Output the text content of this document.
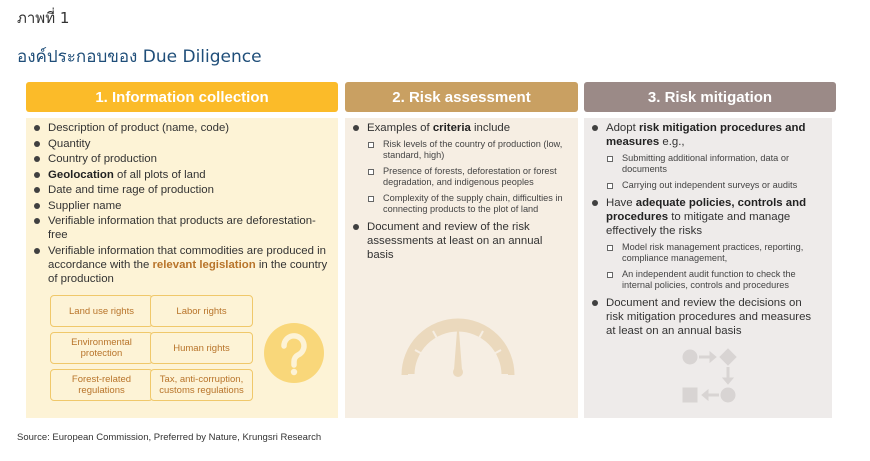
ภาพที่ 1
องค์ประกอบของ Due Diligence
1. Information collection	2. Risk assessment	3. Risk mitigation
Description of product (name, code)
Quantity
Country of production
Geolocation of all plots of land
Date and time rage of production
Supplier name
Verifiable information that products are deforestation-free
Verifiable information that commodities are produced in accordance with the relevant legislation in the country of production
Land use rights	Labor rights
Environmental protection	Human rights
Forest-related regulations
Tax, anti-corruption, customs regulations
Examples of criteria include
Risk levels of the country of production (low, standard, high)
Presence of forests, deforestation or forest degradation, and indigenous peoples
Complexity of the supply chain, difficulties in connecting products to the plot of land
Document and review of the risk assessments at least on an annual basis
Adopt risk mitigation procedures and measures e.g.,
Submitting additional information, data or documents
Carrying out independent surveys or audits
Have adequate policies, controls and procedures to mitigate and manage effectively the risks
Model risk management practices, reporting, compliance management,
An independent audit function to check the internal policies, controls and procedures
Document and review the decisions on risk mitigation procedures and measures at least on an annual basis
Source: European Commission, Preferred by Nature, Krungsri Research
